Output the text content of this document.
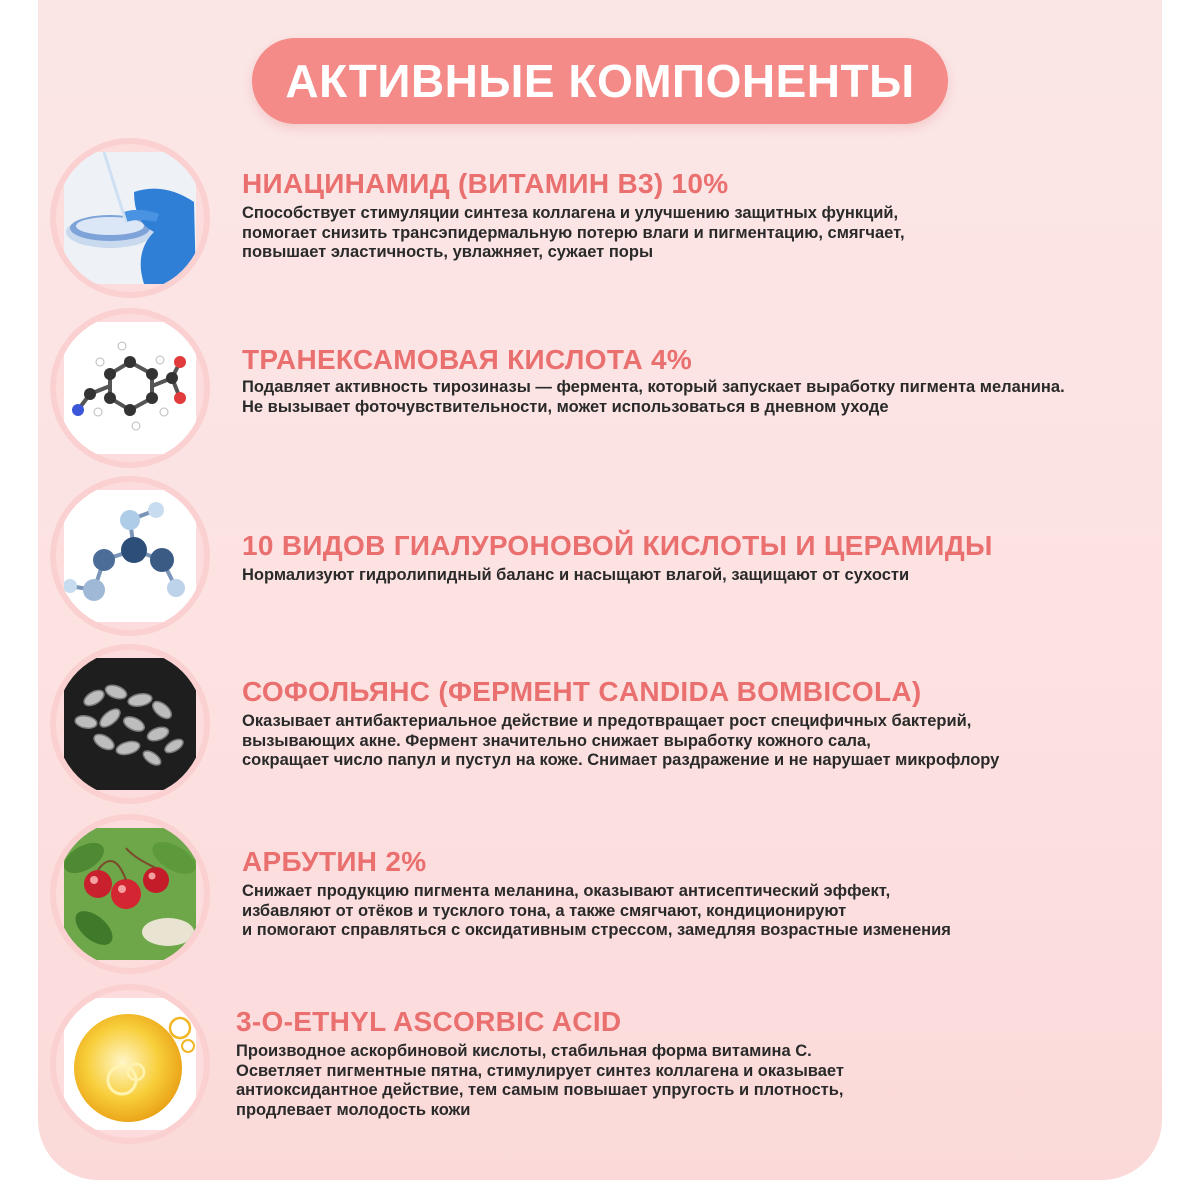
АКТИВНЫЕ КОМПОНЕНТЫ
НИАЦИНАМИД (ВИТАМИН B3) 10%

Способствует стимуляции синтеза коллагена и улучшению защитных функций,
помогает снизить трансэпидермальную потерю влаги и пигментацию, смягчает,
повышает эластичность, увлажняет, сужает поры

ТРАНЕКСАМОВАЯ КИСЛОТА 4%

Подавляет активность тирозиназы — фермента, который запускает выработку пигмента меланина.
Не вызывает фоточувствительности, может использоваться в дневном уходе

10 ВИДОВ ГИАЛУРОНОВОЙ КИСЛОТЫ И ЦЕРАМИДЫ

Нормализуют гидролипидный баланс и насыщают влагой, защищают от сухости

СОФОЛЬЯНС (ФЕРМЕНТ CANDIDA BOMBICOLA)

Оказывает антибактериальное действие и предотвращает рост специфичных бактерий,
вызывающих акне. Фермент значительно снижает выработку кожного сала,
сокращает число папул и пустул на коже. Снимает раздражение и не нарушает микрофлору

АРБУТИН 2%

Снижает продукцию пигмента меланина, оказывают антисептический эффект,
избавляют от отёков и тусклого тона, а также смягчают, кондиционируют
и помогают справляться с оксидативным стрессом, замедляя возрастные изменения

3-O-ETHYL ASCORBIC ACID

Производное аскорбиновой кислоты, стабильная форма витамина С.
Осветляет пигментные пятна, стимулирует синтез коллагена и оказывает
антиоксидантное действие, тем самым повышает упругость и плотность,
продлевает молодость кожи
